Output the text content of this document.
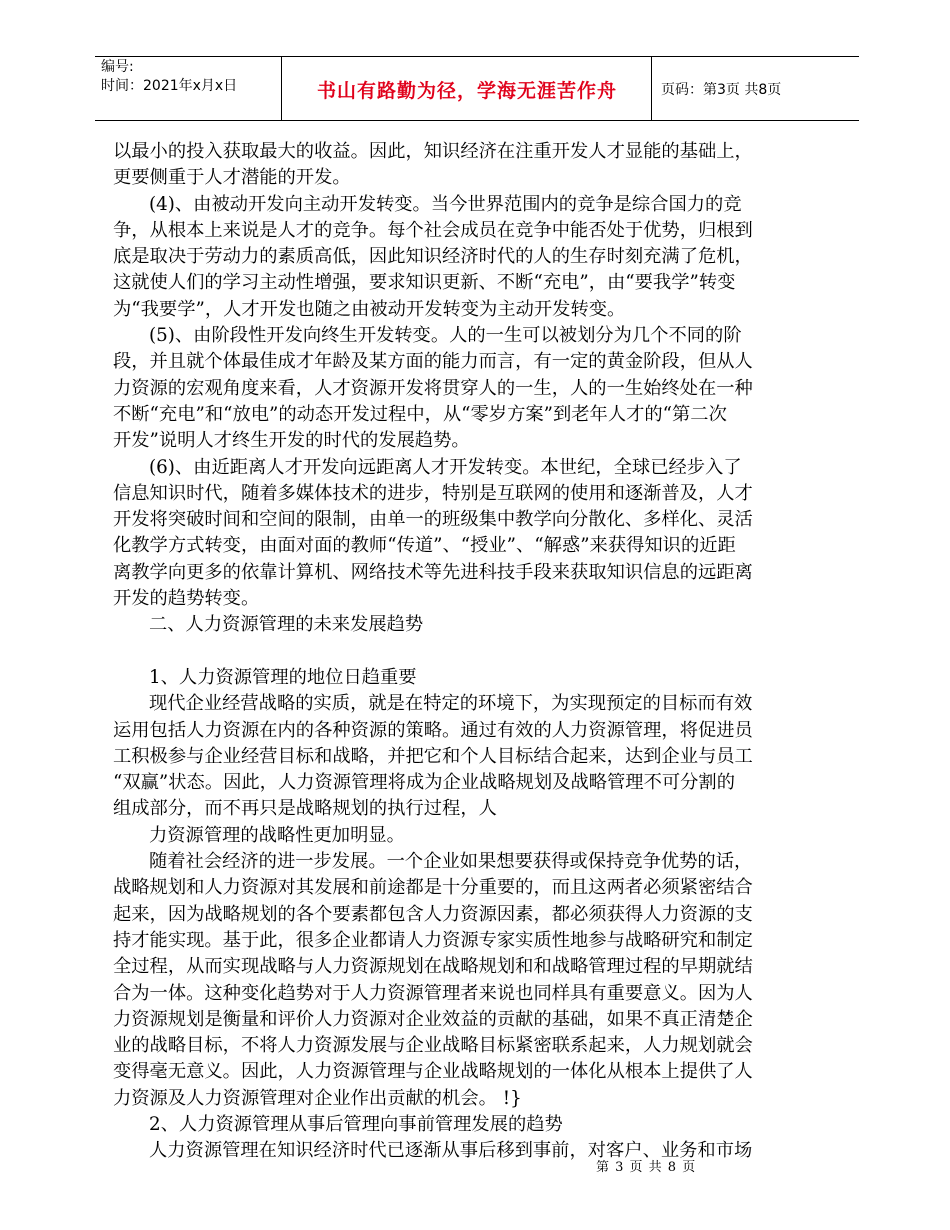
编号:
时间：2021年x月x日	书山有路勤为径，学海无涯苦作舟	页码：第3页 共8页
以最小的投入获取最大的收益。因此，知识经济在注重开发人才显能的基础上，
更要侧重于人才潜能的开发。
(4)、由被动开发向主动开发转变。当今世界范围内的竞争是综合国力的竞
争，从根本上来说是人才的竞争。每个社会成员在竞争中能否处于优势，归根到
底是取决于劳动力的素质高低，因此知识经济时代的人的生存时刻充满了危机，
这就使人们的学习主动性增强，要求知识更新、不断“充电”，由“要我学”转变
为“我要学”，人才开发也随之由被动开发转变为主动开发转变。
(5)、由阶段性开发向终生开发转变。人的一生可以被划分为几个不同的阶
段，并且就个体最佳成才年龄及某方面的能力而言，有一定的黄金阶段，但从人
力资源的宏观角度来看，人才资源开发将贯穿人的一生，人的一生始终处在一种
不断“充电”和“放电”的动态开发过程中，从“零岁方案”到老年人才的“第二次
开发”说明人才终生开发的时代的发展趋势。
(6)、由近距离人才开发向远距离人才开发转变。本世纪，全球已经步入了
信息知识时代，随着多媒体技术的进步，特别是互联网的使用和逐渐普及，人才
开发将突破时间和空间的限制，由单一的班级集中教学向分散化、多样化、灵活
化教学方式转变，由面对面的教师“传道”、“授业”、“解惑”来获得知识的近距
离教学向更多的依靠计算机、网络技术等先进科技手段来获取知识信息的远距离
开发的趋势转变。
二、人力资源管理的未来发展趋势
1、人力资源管理的地位日趋重要
现代企业经营战略的实质，就是在特定的环境下，为实现预定的目标而有效
运用包括人力资源在内的各种资源的策略。通过有效的人力资源管理，将促进员
工积极参与企业经营目标和战略，并把它和个人目标结合起来，达到企业与员工
“双赢”状态。因此，人力资源管理将成为企业战略规划及战略管理不可分割的
组成部分，而不再只是战略规划的执行过程，人
力资源管理的战略性更加明显。
随着社会经济的进一步发展。一个企业如果想要获得或保持竞争优势的话，
战略规划和人力资源对其发展和前途都是十分重要的，而且这两者必须紧密结合
起来，因为战略规划的各个要素都包含人力资源因素，都必须获得人力资源的支
持才能实现。基于此，很多企业都请人力资源专家实质性地参与战略研究和制定
全过程，从而实现战略与人力资源规划在战略规划和和战略管理过程的早期就结
合为一体。这种变化趋势对于人力资源管理者来说也同样具有重要意义。因为人
力资源规划是衡量和评价人力资源对企业效益的贡献的基础，如果不真正清楚企
业的战略目标，不将人力资源发展与企业战略目标紧密联系起来，人力规划就会
变得毫无意义。因此，人力资源管理与企业战略规划的一体化从根本上提供了人
力资源及人力资源管理对企业作出贡献的机会。 !}
2、人力资源管理从事后管理向事前管理发展的趋势
人力资源管理在知识经济时代已逐渐从事后移到事前，对客户、业务和市场
第 3 页 共 8 页
